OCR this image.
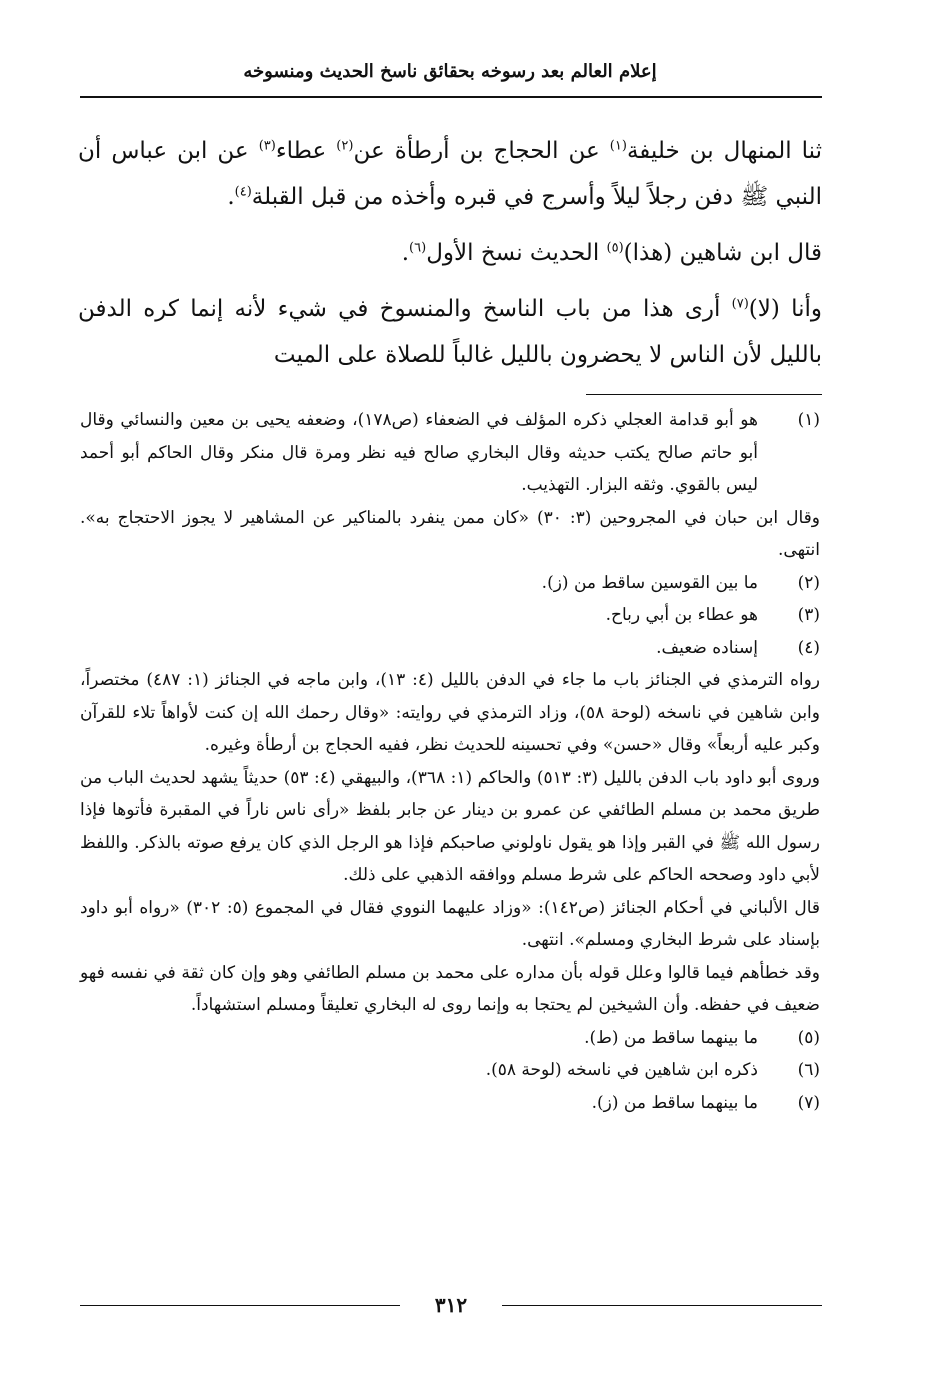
إعلام العالم بعد رسوخه بحقائق ناسخ الحديث ومنسوخه

ثنا المنهال بن خليفة$^{(١)}$ عن الحجاج بن أرطأة عن$^{(٢)}$ عطاء$^{(٣)}$ عن ابن عباس أن النبي ﷺ دفن رجلاً ليلاً وأسرج في قبره وأخذه من قبل القبلة$^{(٤)}$.

قال ابن شاهين (هذا)$^{(٥)}$ الحديث نسخ الأول$^{(٦)}$.

وأنا (لا)$^{(٧)}$ أرى هذا من باب الناسخ والمنسوخ في شيء لأنه إنما كره الدفن بالليل لأن الناس لا يحضرون بالليل غالباً للصلاة على الميت

(١)
هو أبو قدامة العجلي ذكره المؤلف في الضعفاء (ص١٧٨)، وضعفه يحيى بن معين والنسائي وقال أبو حاتم صالح يكتب حديثه وقال البخاري صالح فيه نظر ومرة قال منكر وقال الحاكم أبو أحمد ليس بالقوي. وثقه البزار. التهذيب.
وقال ابن حبان في المجروحين (٣: ٣٠) «كان ممن ينفرد بالمناكير عن المشاهير لا يجوز الاحتجاج به». انتهى.
(٢)
ما بين القوسين ساقط من (ز).
(٣)
هو عطاء بن أبي رباح.
(٤)
إسناده ضعيف.
رواه الترمذي في الجنائز باب ما جاء في الدفن بالليل (٤: ١٣)، وابن ماجه في الجنائز (١: ٤٨٧) مختصراً، وابن شاهين في ناسخه (لوحة ٥٨)، وزاد الترمذي في روايته: «وقال رحمك الله إن كنت لأواهاً تلاء للقرآن وكبر عليه أربعاً» وقال «حسن» وفي تحسينه للحديث نظر، ففيه الحجاج بن أرطأة وغيره.
وروى أبو داود باب الدفن بالليل (٣: ٥١٣) والحاكم (١: ٣٦٨)، والبيهقي (٤: ٥٣) حديثاً يشهد لحديث الباب من طريق محمد بن مسلم الطائفي عن عمرو بن دينار عن جابر بلفظ «رأى ناس ناراً في المقبرة فأتوها فإذا رسول الله ﷺ في القبر وإذا هو يقول ناولوني صاحبكم فإذا هو الرجل الذي كان يرفع صوته بالذكر. واللفظ لأبي داود وصححه الحاكم على شرط مسلم ووافقه الذهبي على ذلك.
قال الألباني في أحكام الجنائز (ص١٤٢): «وزاد عليهما النووي فقال في المجموع (٥: ٣٠٢) «رواه أبو داود بإسناد على شرط البخاري ومسلم». انتهى.
وقد خطأهم فيما قالوا وعلل قوله بأن مداره على محمد بن مسلم الطائفي وهو وإن كان ثقة في نفسه فهو ضعيف في حفظه. وأن الشيخين لم يحتجا به وإنما روى له البخاري تعليقاً ومسلم استشهاداً.
(٥)
ما بينهما ساقط من (ط).
(٦)
ذكره ابن شاهين في ناسخه (لوحة ٥٨).
(٧)
ما بينهما ساقط من (ز).
٣١٢
